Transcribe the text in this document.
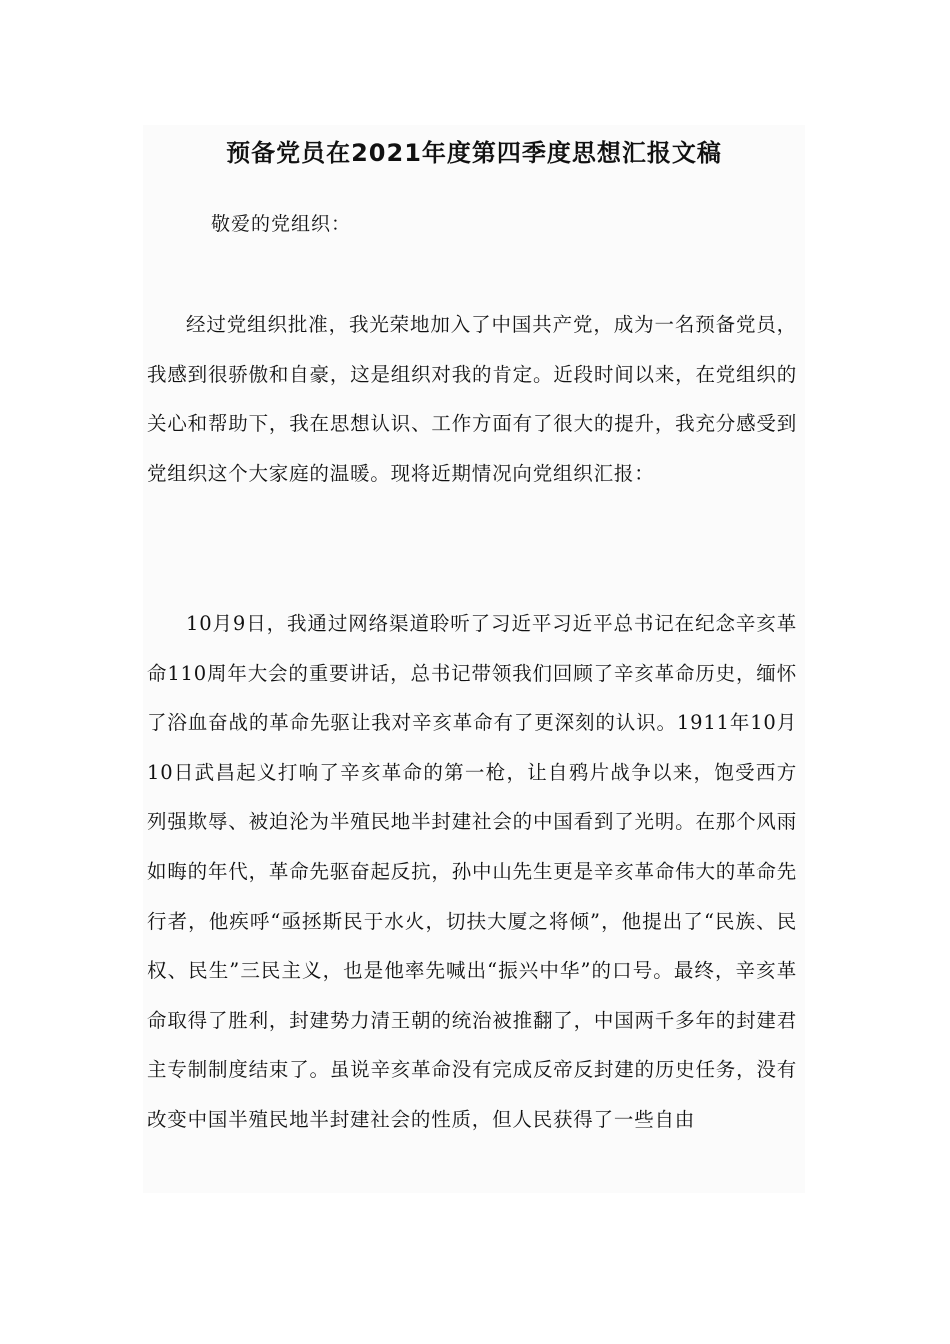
预备党员在2021年度第四季度思想汇报文稿

敬爱的党组织：

经过党组织批准，我光荣地加入了中国共产党，成为一名预备党员，我感到很骄傲和自豪，这是组织对我的肯定。近段时间以来，在党组织的关心和帮助下，我在思想认识、工作方面有了很大的提升，我充分感受到党组织这个大家庭的温暖。现将近期情况向党组织汇报：

10月9日，我通过网络渠道聆听了习近平习近平总书记在纪念辛亥革命110周年大会的重要讲话，总书记带领我们回顾了辛亥革命历史，缅怀了浴血奋战的革命先驱让我对辛亥革命有了更深刻的认识。1911年10月10日武昌起义打响了辛亥革命的第一枪，让自鸦片战争以来，饱受西方列强欺辱、被迫沦为半殖民地半封建社会的中国看到了光明。在那个风雨如晦的年代，革命先驱奋起反抗，孙中山先生更是辛亥革命伟大的革命先行者，他疾呼“亟拯斯民于水火，切扶大厦之将倾”，他提出了“民族、民权、民生”三民主义，也是他率先喊出“振兴中华”的口号。最终，辛亥革命取得了胜利，封建势力清王朝的统治被推翻了，中国两千多年的封建君主专制制度结束了。虽说辛亥革命没有完成反帝反封建的历史任务，没有改变中国半殖民地半封建社会的性质，但人民获得了一些自由
